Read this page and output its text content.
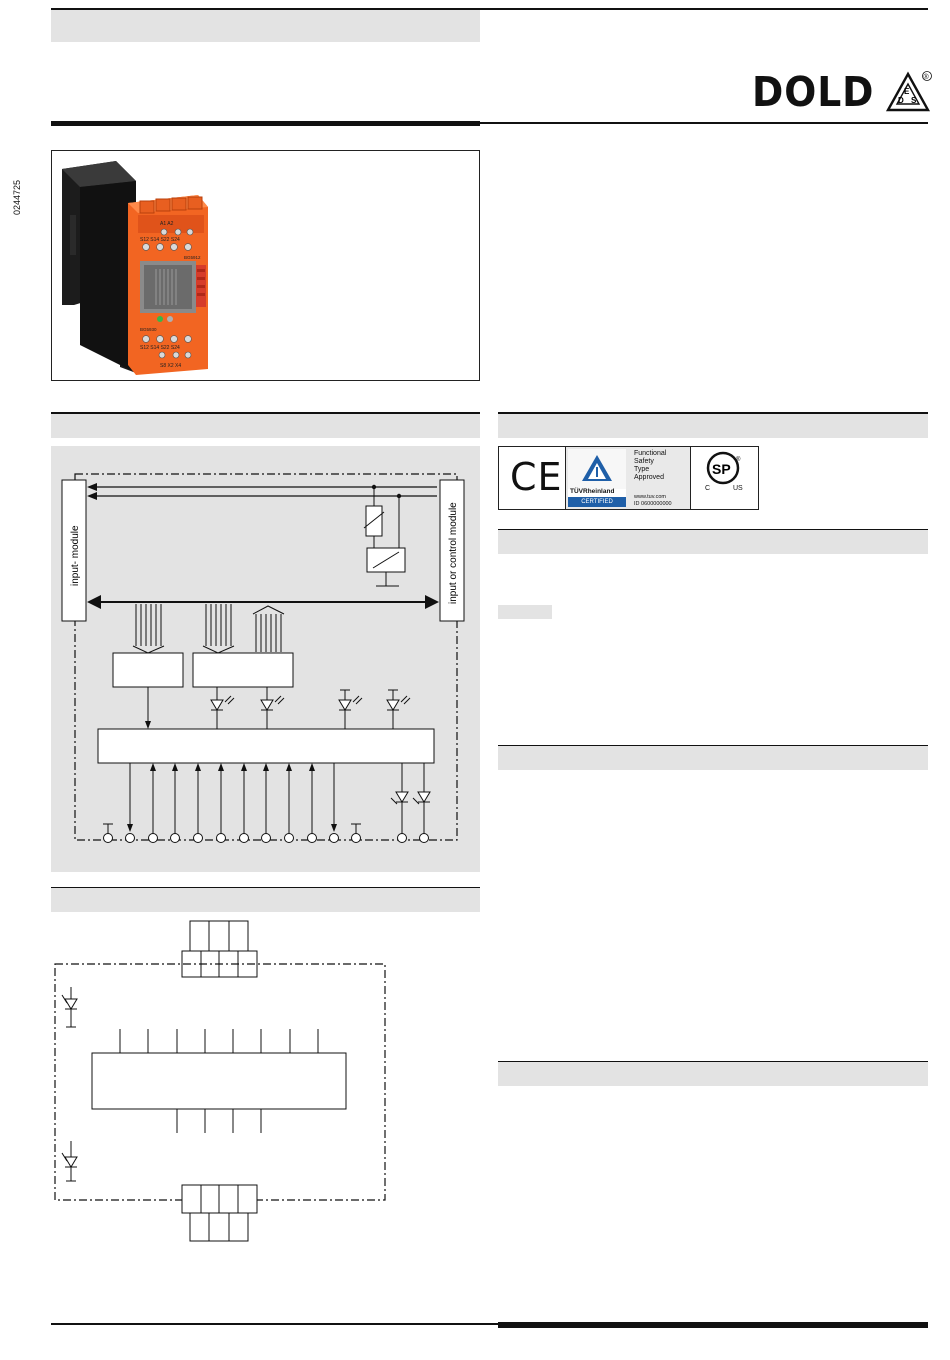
DOLD	E
D S
®
0244725
A1 A2
S12 S14 S22 S24
BG5912
BG5930
S12 S14 S22 S24
S8 X2 X4
CE TÜVRheinland
CERTIFIED
Functional
Safety
Type
Approved
www.tuv.com
ID 0600000000
SP
®
C	US
input- module	input or control module
